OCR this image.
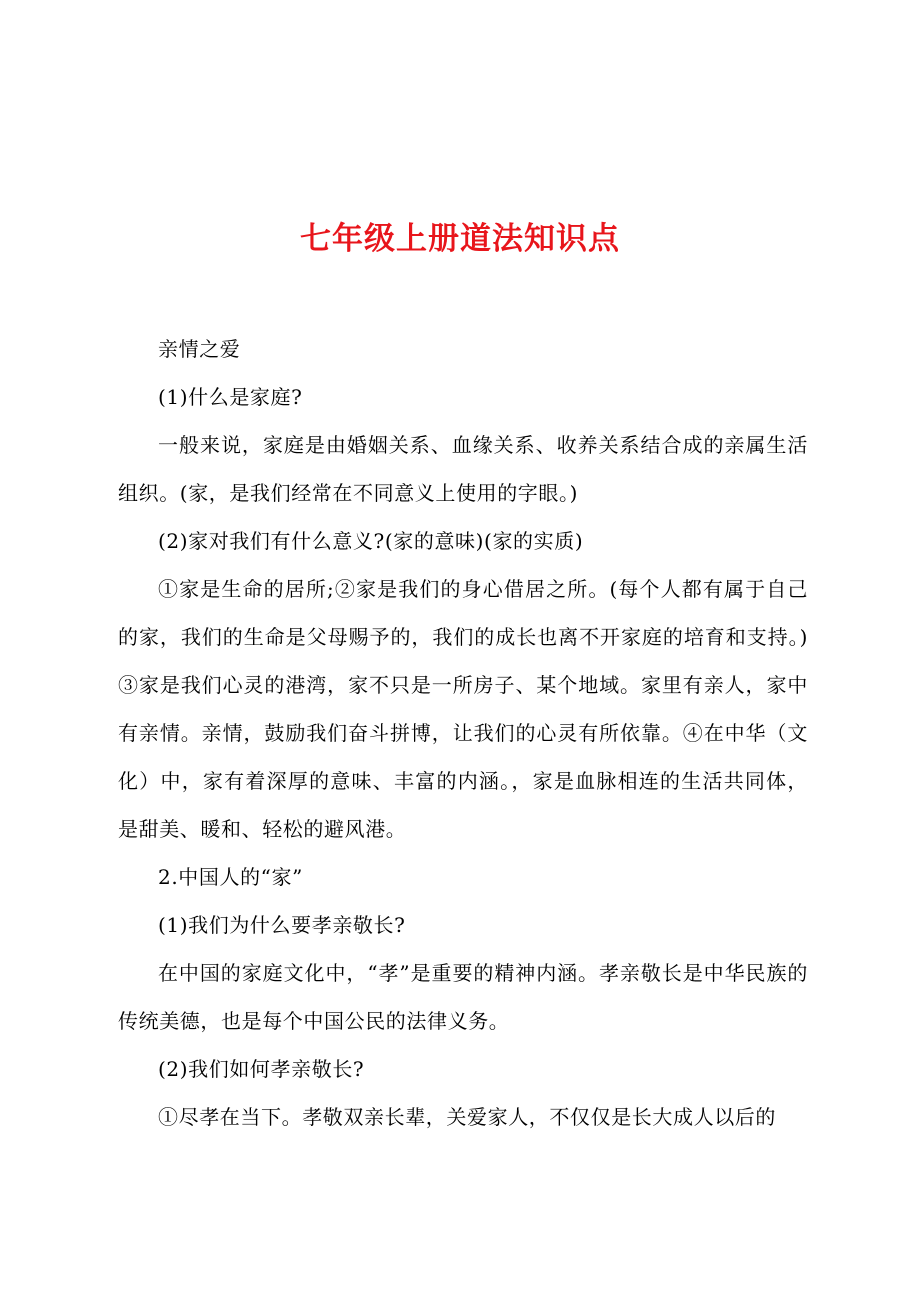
七年级上册道法知识点

亲情之爱

(1)什么是家庭?

一般来说，家庭是由婚姻关系、血缘关系、收养关系结合成的亲属生活组织。(家，是我们经常在不同意义上使用的字眼。)

(2)家对我们有什么意义?(家的意味)(家的实质)

①家是生命的居所;②家是我们的身心借居之所。(每个人都有属于自己的家，我们的生命是父母赐予的，我们的成长也离不开家庭的培育和支持。)③家是我们心灵的港湾，家不只是一所房子、某个地域。家里有亲人，家中有亲情。亲情，鼓励我们奋斗拼博，让我们的心灵有所依靠。④在中华（文化）中，家有着深厚的意味、丰富的内涵。，家是血脉相连的生活共同体，是甜美、暖和、轻松的避风港。

2.中国人的“家”

(1)我们为什么要孝亲敬长?

在中国的家庭文化中，“孝”是重要的精神内涵。孝亲敬长是中华民族的传统美德，也是每个中国公民的法律义务。

(2)我们如何孝亲敬长?

①尽孝在当下。孝敬双亲长辈，关爱家人，不仅仅是长大成人以后的
